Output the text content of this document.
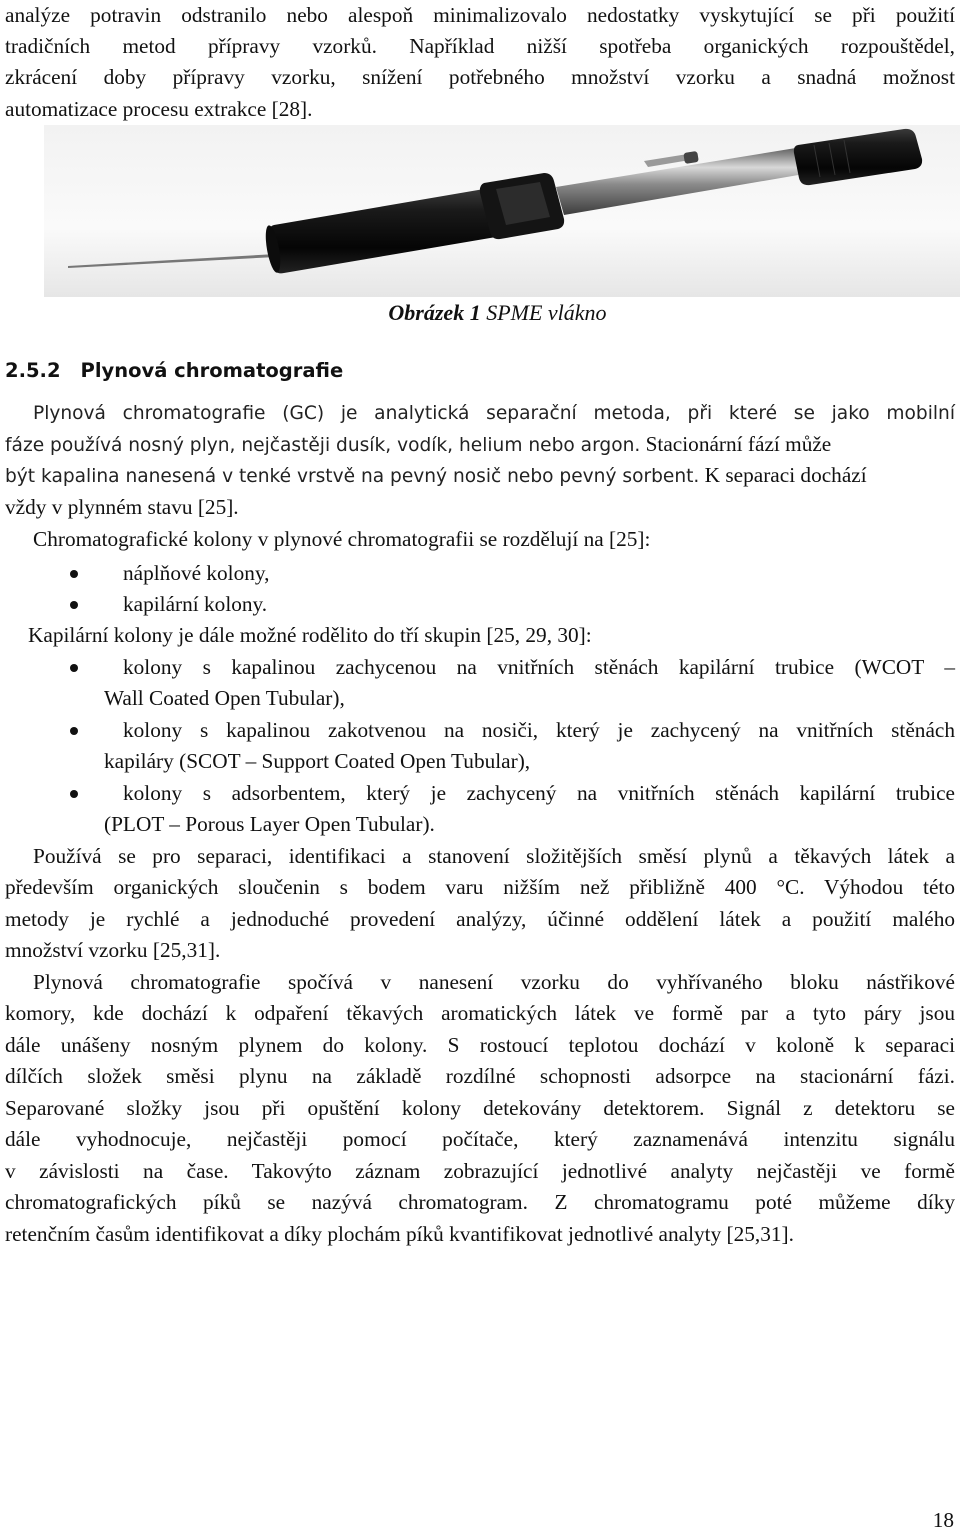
analýze potravin odstranilo nebo alespoň minimalizovalo nedostatky vyskytující se při použití
tradičních metod přípravy vzorků. Například nižší spotřeba organických rozpouštědel,
zkrácení doby přípravy vzorku, snížení potřebného množství vzorku a snadná možnost
automatizace procesu extrakce [28].
Obrázek 1 SPME vlákno
2.5.2 Plynová chromatografie
Plynová chromatografie (GC) je analytická separační metoda, při které se jako mobilní
fáze používá nosný plyn, nejčastěji dusík, vodík, helium nebo argon. Stacionární fází může
být kapalina nanesená v tenké vrstvě na pevný nosič nebo pevný sorbent. K separaci dochází
vždy v plynném stavu [25].
Chromatografické kolony v plynové chromatografii se rozdělují na [25]:
náplňové kolony,
kapilární kolony.
Kapilární kolony je dále možné rodělito do tří skupin [25, 29, 30]:
kolony s kapalinou zachycenou na vnitřních stěnách kapilární trubice (WCOT –
Wall Coated Open Tubular),
kolony s kapalinou zakotvenou na nosiči, který je zachycený na vnitřních stěnách
kapiláry (SCOT – Support Coated Open Tubular),
kolony s adsorbentem, který je zachycený na vnitřních stěnách kapilární trubice
(PLOT – Porous Layer Open Tubular).
Používá se pro separaci, identifikaci a stanovení složitějších směsí plynů a těkavých látek a
především organických sloučenin s bodem varu nižším než přibližně 400 °C. Výhodou této
metody je rychlé a jednoduché provedení analýzy, účinné oddělení látek a použití malého
množství vzorku [25,31].
Plynová chromatografie spočívá v nanesení vzorku do vyhřívaného bloku nástřikové
komory, kde dochází k odpaření těkavých aromatických látek ve formě par a tyto páry jsou
dále unášeny nosným plynem do kolony. S rostoucí teplotou dochází v koloně k separaci
dílčích složek směsi plynu na základě rozdílné schopnosti adsorpce na stacionární fázi.
Separované složky jsou při opuštění kolony detekovány detektorem. Signál z detektoru se
dále vyhodnocuje, nejčastěji pomocí počítače, který zaznamenává intenzitu signálu
v závislosti na čase. Takovýto záznam zobrazující jednotlivé analyty nejčastěji ve formě
chromatografických píků se nazývá chromatogram. Z chromatogramu poté můžeme díky
retenčním časům identifikovat a díky plochám píků kvantifikovat jednotlivé analyty [25,31].
18
